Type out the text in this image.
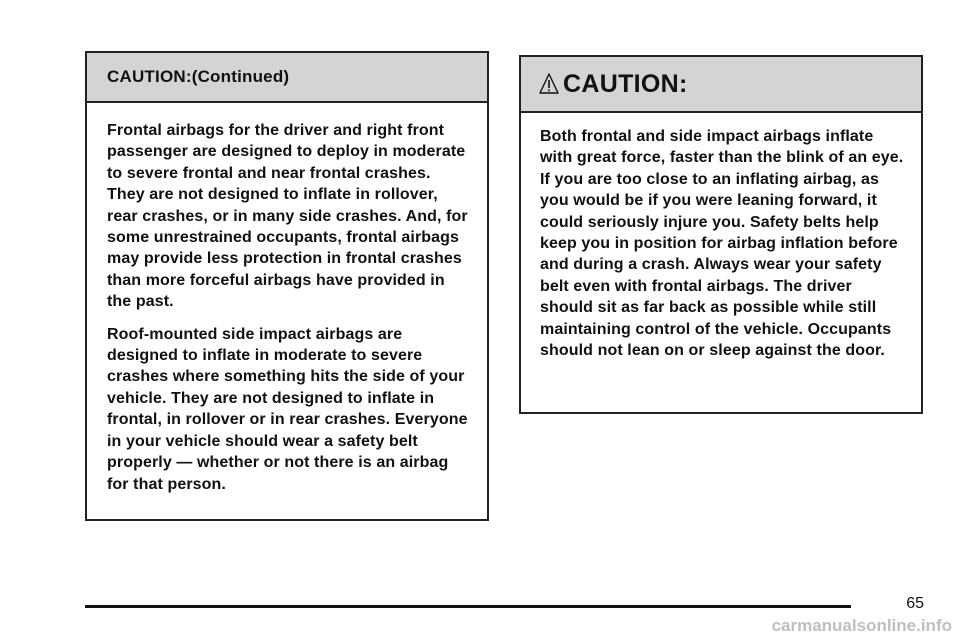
CAUTION: (Continued)

Frontal airbags for the driver and right front passenger are designed to deploy in moderate to severe frontal and near frontal crashes. They are not designed to inflate in rollover, rear crashes, or in many side crashes. And, for some unrestrained occupants, frontal airbags may provide less protection in frontal crashes than more forceful airbags have provided in the past.

Roof-mounted side impact airbags are designed to inflate in moderate to severe crashes where something hits the side of your vehicle. They are not designed to inflate in frontal, in rollover or in rear crashes. Everyone in your vehicle should wear a safety belt properly — whether or not there is an airbag for that person.

CAUTION:

Both frontal and side impact airbags inflate with great force, faster than the blink of an eye. If you are too close to an inflating airbag, as you would be if you were leaning forward, it could seriously injure you. Safety belts help keep you in position for airbag inflation before and during a crash. Always wear your safety belt even with frontal airbags. The driver should sit as far back as possible while still maintaining control of the vehicle. Occupants should not lean on or sleep against the door.

65
carmanualsonline.info
